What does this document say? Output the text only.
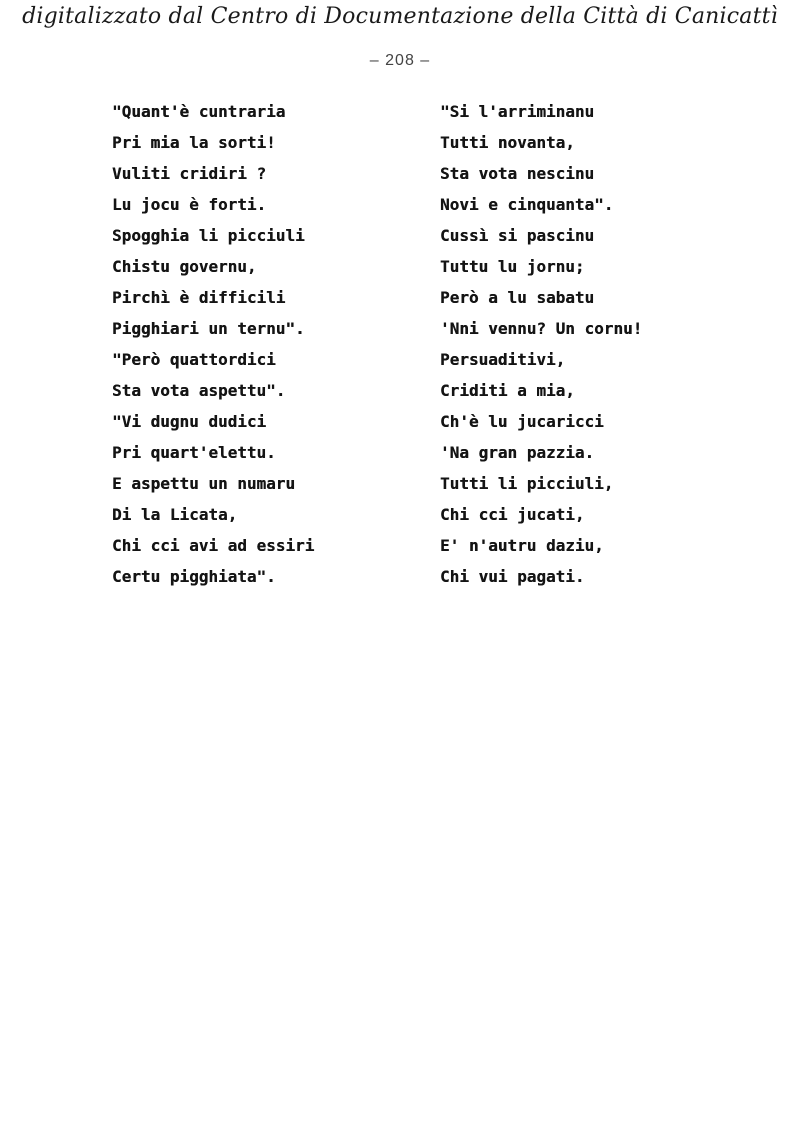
digitalizzato dal Centro di Documentazione della Città di Canicattì
– 208 –
"Quant'è cuntraria
Pri mia la sorti!
Vuliti cridiri ?
Lu jocu è forti.
Spogghia li picciuli
Chistu governu,
Pirchì è difficili
Pigghiari un ternu".
"Però quattordici
Sta vota aspettu".
"Vi dugnu dudici
Pri quart'elettu.
E aspettu un numaru
Di la Licata,
Chi cci avi ad essiri
Certu pigghiata".
"Si l'arriminanu
Tutti novanta,
Sta vota nescinu
Novi e cinquanta".
Cussì si pascinu
Tuttu lu jornu;
Però a lu sabatu
'Nni vennu? Un cornu!
Persuaditivi,
Criditi a mia,
Ch'è lu jucaricci
'Na gran pazzia.
Tutti li picciuli,
Chi cci jucati,
E' n'autru daziu,
Chi vui pagati.
